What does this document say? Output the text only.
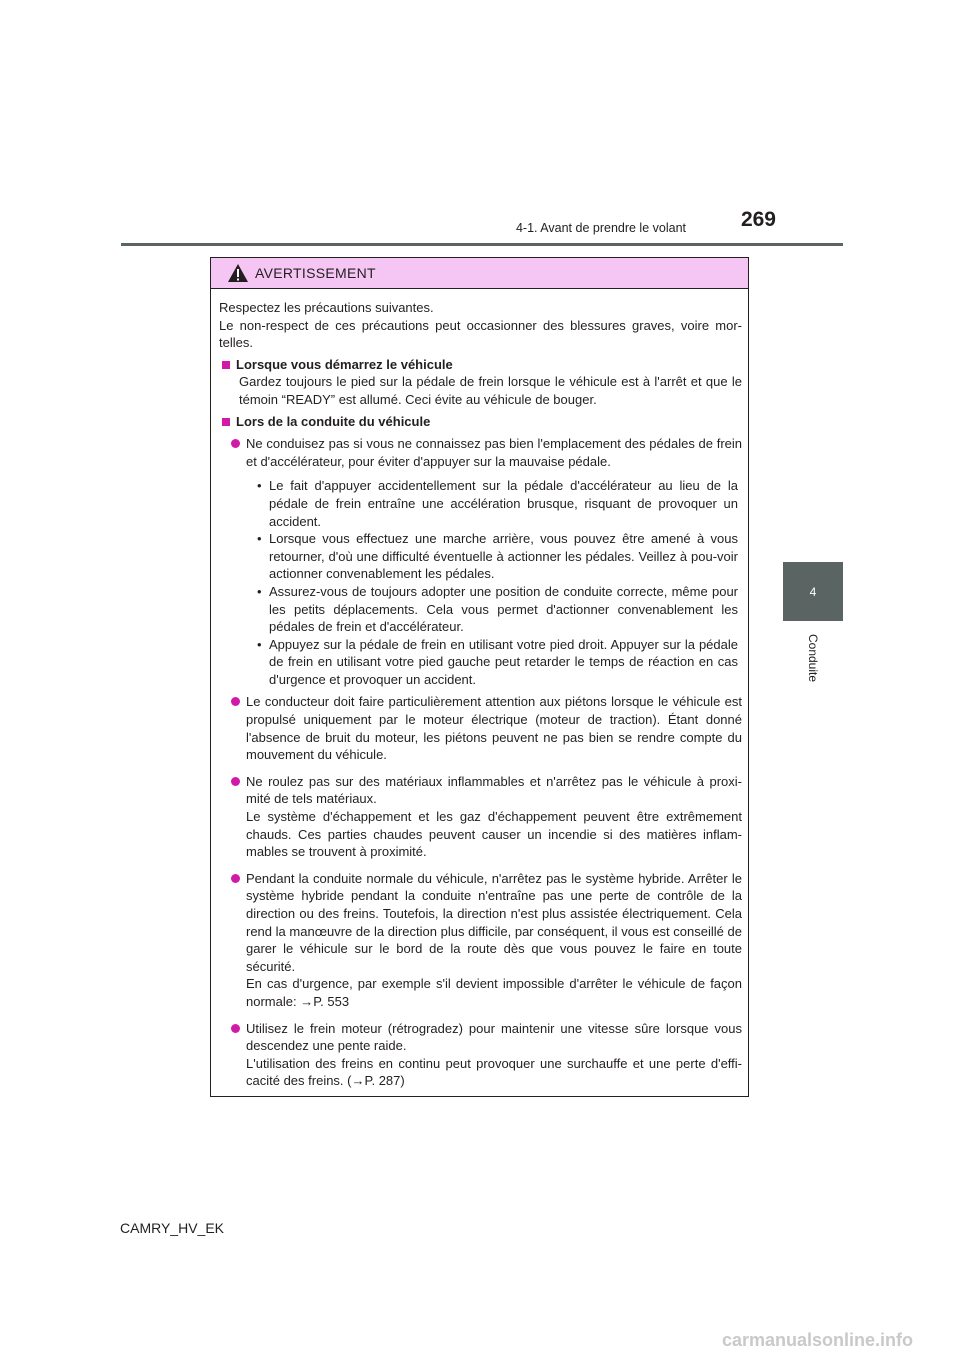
4-1. Avant de prendre le volant	269
4
Conduite
AVERTISSEMENT

Respectez les précautions suivantes.

Le non-respect de ces précautions peut occasionner des blessures graves, voire mor-telles.

Lorsque vous démarrez le véhicule

Gardez toujours le pied sur la pédale de frein lorsque le véhicule est à l'arrêt et que le témoin “READY” est allumé. Ceci évite au véhicule de bouger.

Lors de la conduite du véhicule

Ne conduisez pas si vous ne connaissez pas bien l'emplacement des pédales de frein et d'accélérateur, pour éviter d'appuyer sur la mauvaise pédale.

• Le fait d'appuyer accidentellement sur la pédale d'accélérateur au lieu de la pédale de frein entraîne une accélération brusque, risquant de provoquer un accident.

• Lorsque vous effectuez une marche arrière, vous pouvez être amené à vous retourner, d'où une difficulté éventuelle à actionner les pédales. Veillez à pou-voir actionner convenablement les pédales.

• Assurez-vous de toujours adopter une position de conduite correcte, même pour les petits déplacements. Cela vous permet d'actionner convenablement les pédales de frein et d'accélérateur.

• Appuyez sur la pédale de frein en utilisant votre pied droit. Appuyer sur la pédale de frein en utilisant votre pied gauche peut retarder le temps de réaction en cas d'urgence et provoquer un accident.

Le conducteur doit faire particulièrement attention aux piétons lorsque le véhicule est propulsé uniquement par le moteur électrique (moteur de traction). Étant donné l'absence de bruit du moteur, les piétons peuvent ne pas bien se rendre compte du mouvement du véhicule.

Ne roulez pas sur des matériaux inflammables et n'arrêtez pas le véhicule à proxi-mité de tels matériaux.

Le système d'échappement et les gaz d'échappement peuvent être extrêmement chauds. Ces parties chaudes peuvent causer un incendie si des matières inflam-mables se trouvent à proximité.

Pendant la conduite normale du véhicule, n'arrêtez pas le système hybride. Arrêter le système hybride pendant la conduite n'entraîne pas une perte de contrôle de la direction ou des freins. Toutefois, la direction n'est plus assistée électriquement. Cela rend la manœuvre de la direction plus difficile, par conséquent, il vous est conseillé de garer le véhicule sur le bord de la route dès que vous pouvez le faire en toute sécurité.

En cas d'urgence, par exemple s'il devient impossible d'arrêter le véhicule de façon normale: →P. 553

Utilisez le frein moteur (rétrogradez) pour maintenir une vitesse sûre lorsque vous descendez une pente raide.

L'utilisation des freins en continu peut provoquer une surchauffe et une perte d'effi-cacité des freins. (→P. 287)

CAMRY_HV_EK
carmanualsonline.info
